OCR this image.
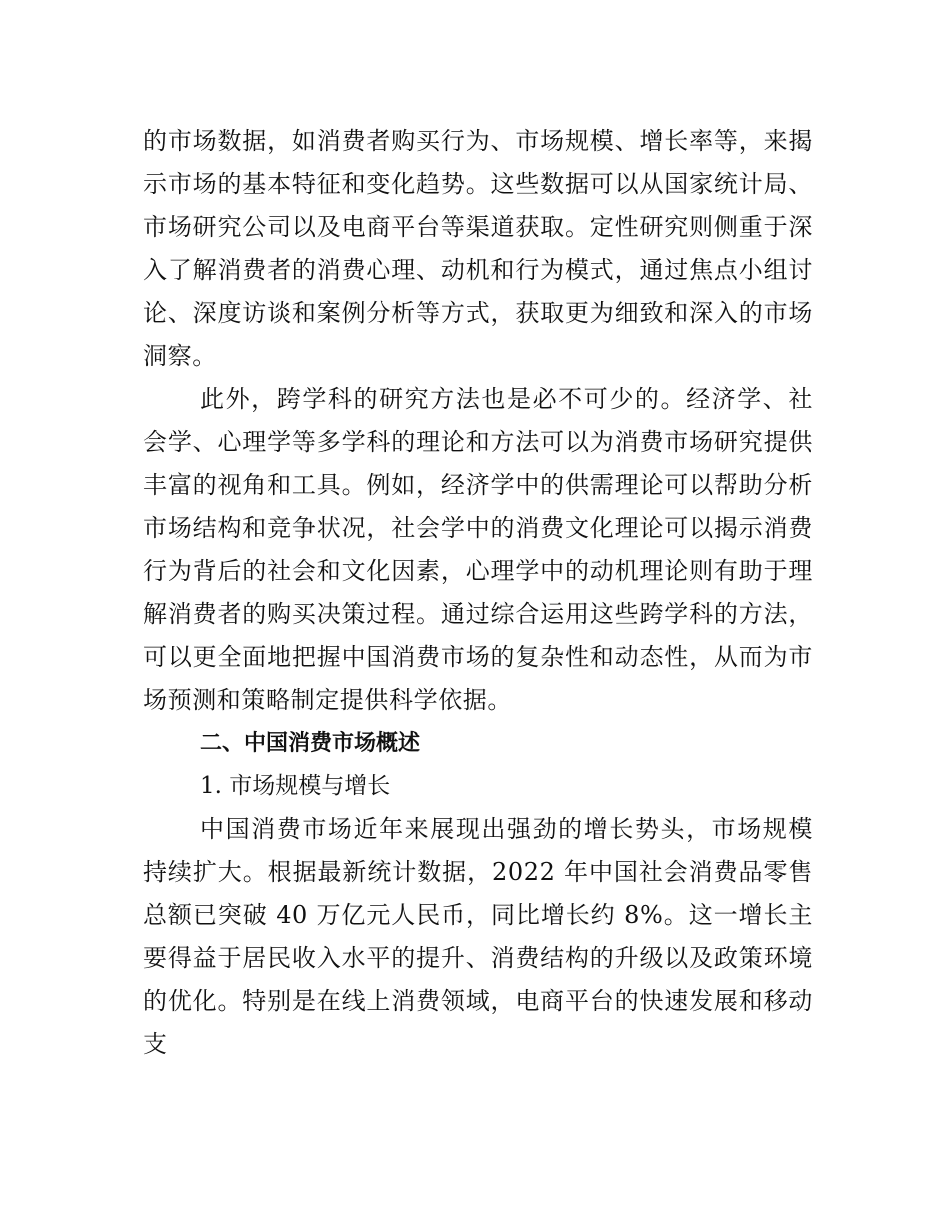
的市场数据，如消费者购买行为、市场规模、增长率等，来揭示市场的基本特征和变化趋势。这些数据可以从国家统计局、市场研究公司以及电商平台等渠道获取。定性研究则侧重于深入了解消费者的消费心理、动机和行为模式，通过焦点小组讨论、深度访谈和案例分析等方式，获取更为细致和深入的市场洞察。

此外，跨学科的研究方法也是必不可少的。经济学、社会学、心理学等多学科的理论和方法可以为消费市场研究提供丰富的视角和工具。例如，经济学中的供需理论可以帮助分析市场结构和竞争状况，社会学中的消费文化理论可以揭示消费行为背后的社会和文化因素，心理学中的动机理论则有助于理解消费者的购买决策过程。通过综合运用这些跨学科的方法，可以更全面地把握中国消费市场的复杂性和动态性，从而为市场预测和策略制定提供科学依据。

二、中国消费市场概述

1. 市场规模与增长

中国消费市场近年来展现出强劲的增长势头，市场规模持续扩大。根据最新统计数据，2022 年中国社会消费品零售总额已突破 40 万亿元人民币，同比增长约 8%。这一增长主要得益于居民收入水平的提升、消费结构的升级以及政策环境的优化。特别是在线上消费领域，电商平台的快速发展和移动支
